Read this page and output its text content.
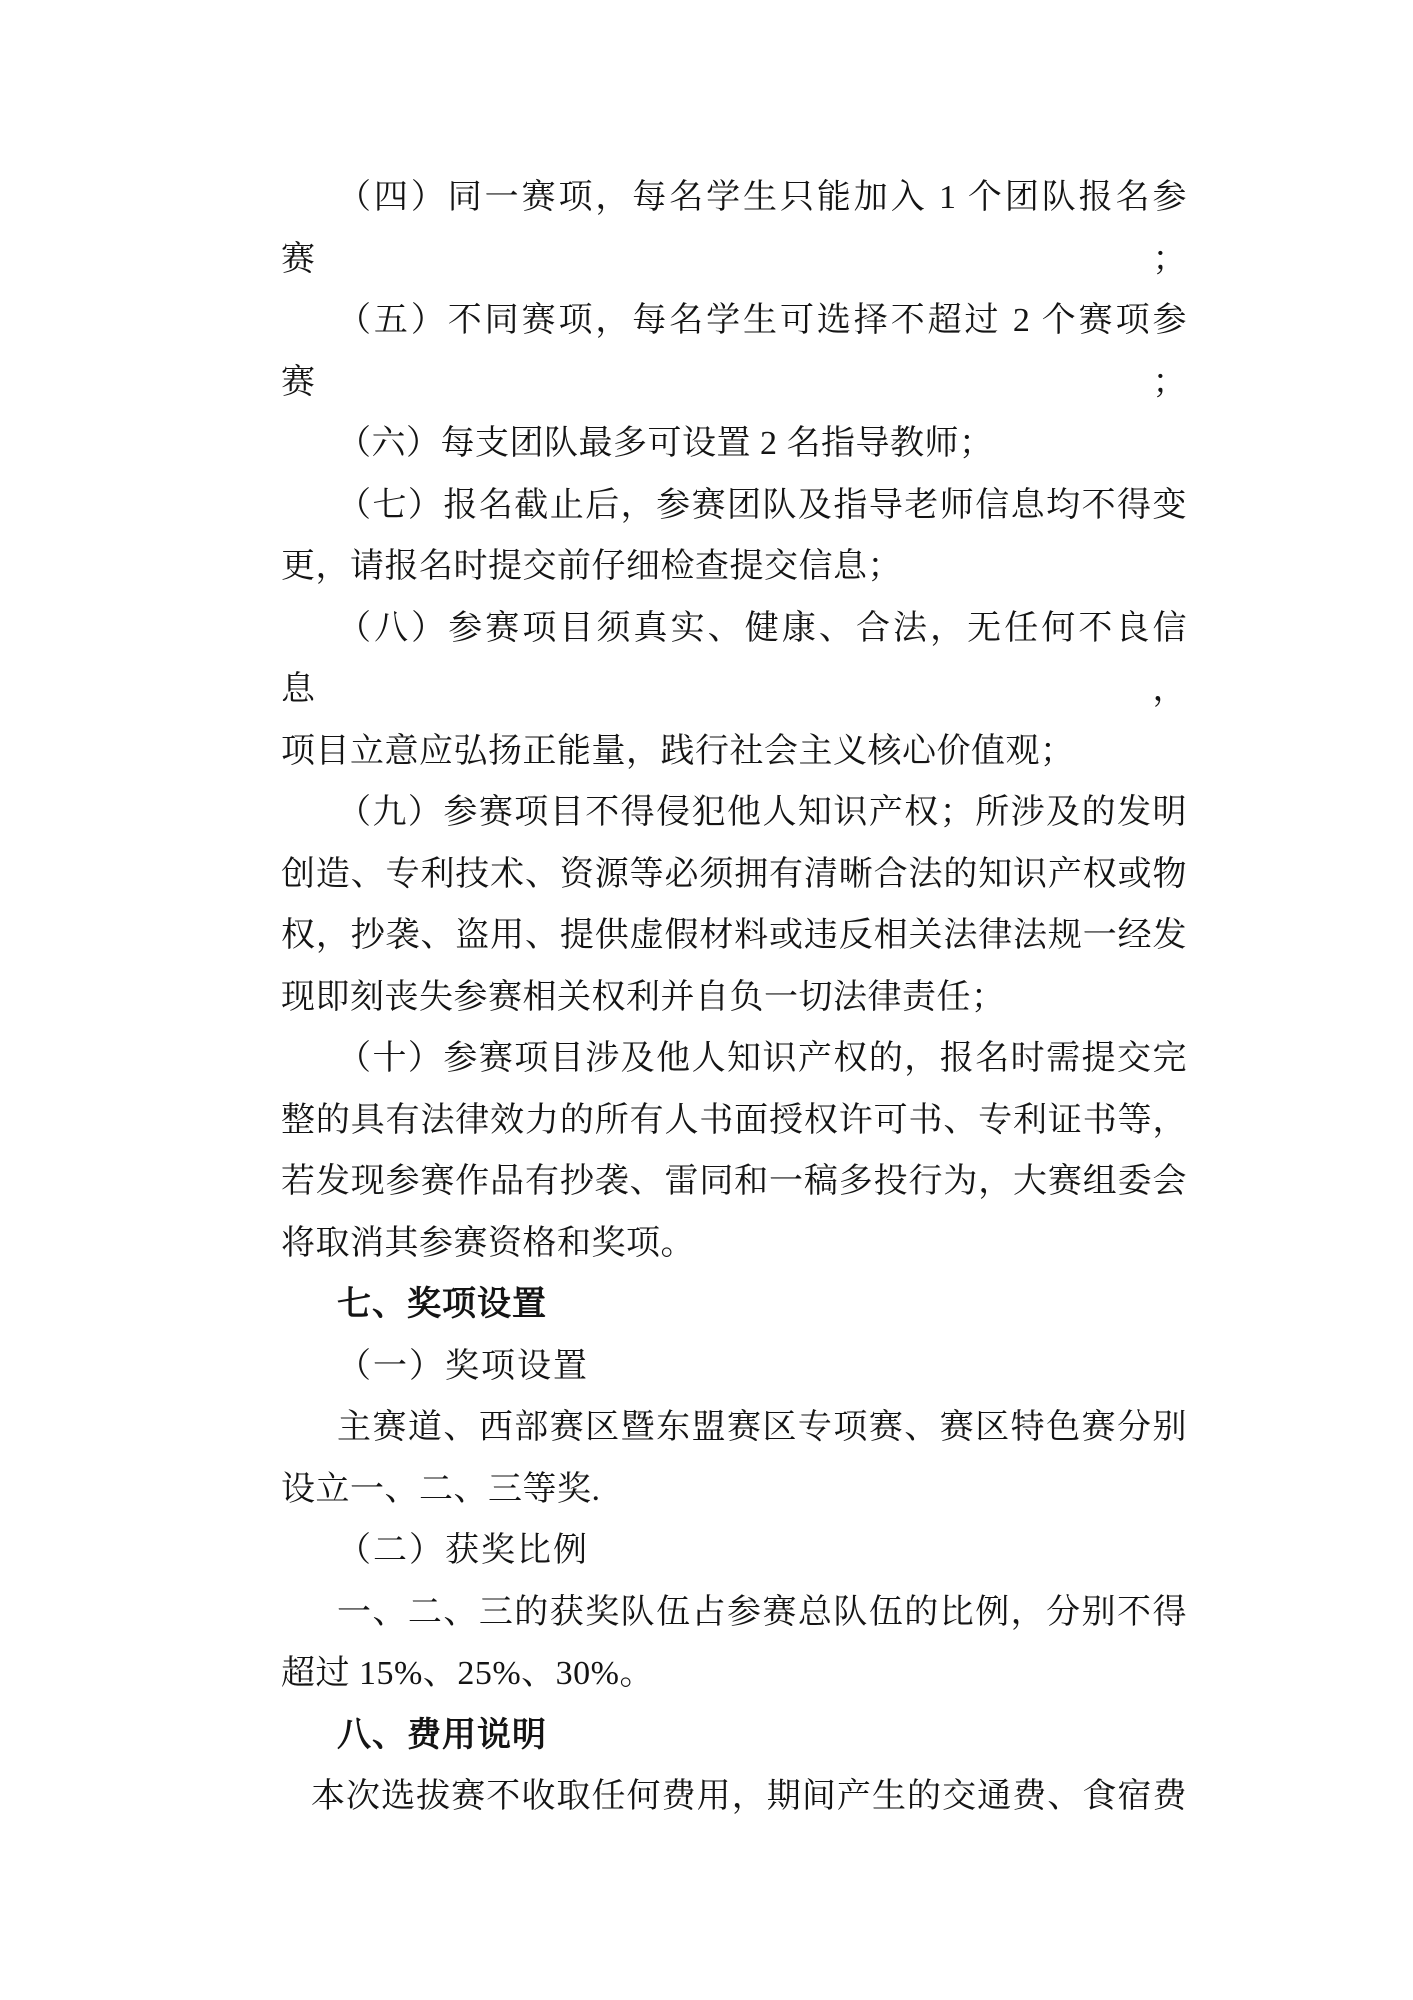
（四）同一赛项，每名学生只能加入 1 个团队报名参赛；

（五）不同赛项，每名学生可选择不超过 2 个赛项参赛；

（六）每支团队最多可设置 2 名指导教师；

（七）报名截止后，参赛团队及指导老师信息均不得变

更，请报名时提交前仔细检查提交信息；

（八）参赛项目须真实、健康、合法，无任何不良信息，

项目立意应弘扬正能量，践行社会主义核心价值观；

（九）参赛项目不得侵犯他人知识产权；所涉及的发明

创造、专利技术、资源等必须拥有清晰合法的知识产权或物

权，抄袭、盗用、提供虚假材料或违反相关法律法规一经发

现即刻丧失参赛相关权利并自负一切法律责任；

（十）参赛项目涉及他人知识产权的，报名时需提交完

整的具有法律效力的所有人书面授权许可书、专利证书等，

若发现参赛作品有抄袭、雷同和一稿多投行为，大赛组委会

将取消其参赛资格和奖项。

七、奖项设置

（一）奖项设置

主赛道、西部赛区暨东盟赛区专项赛、赛区特色赛分别

设立一、二、三等奖.

（二）获奖比例

一、二、三的获奖队伍占参赛总队伍的比例，分别不得

超过 15%、25%、30%。

八、费用说明

本次选拔赛不收取任何费用，期间产生的交通费、食宿费
